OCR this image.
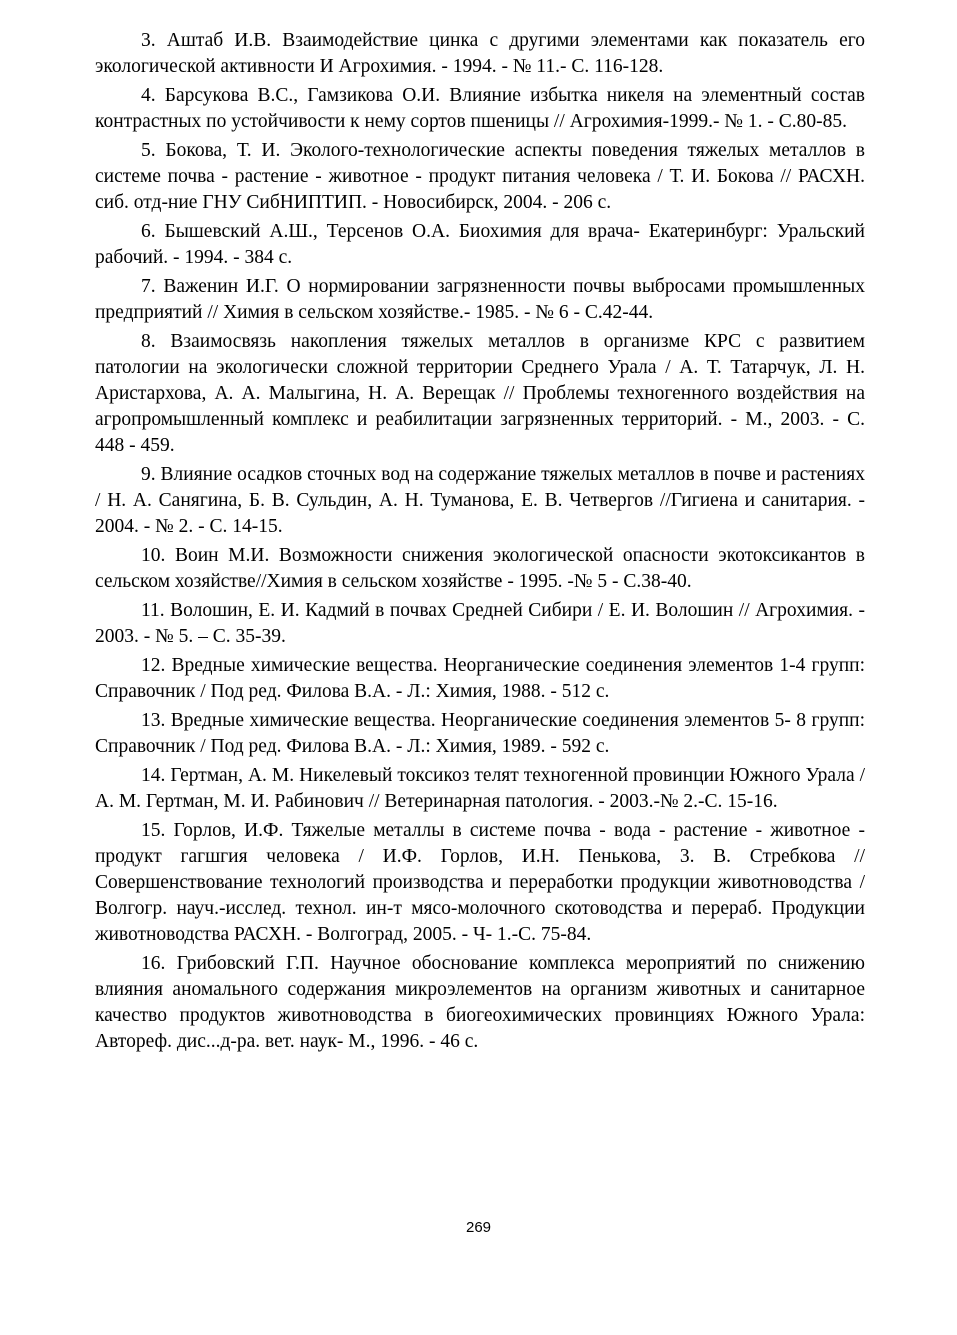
3. Аштаб И.В. Взаимодействие цинка с другими элементами как показатель его экологической активности И Агрохимия. - 1994. - № 11.- С. 116-128.

4. Барсукова В.С., Гамзикова О.И. Влияние избытка никеля на элементный состав контрастных по устойчивости к нему сортов пшеницы // Агрохимия-1999.- № 1. - С.80-85.

5. Бокова, Т. И. Эколого-технологические аспекты поведения тяжелых металлов в системе почва - растение - животное - продукт питания человека / Т. И. Бокова // РАСХН. сиб. отд-ние ГНУ СибНИПТИП. - Новосибирск, 2004. - 206 с.

6. Бышевский А.Ш., Терсенов О.А. Биохимия для врача- Екатеринбург: Уральский рабочий. - 1994. - 384 с.

7. Важенин И.Г. О нормировании загрязненности почвы выбросами промышленных предприятий // Химия в сельском хозяйстве.- 1985. - № 6 - С.42-44.

8. Взаимосвязь накопления тяжелых металлов в организме КРС с развитием патологии на экологически сложной территории Среднего Урала / А. Т. Татарчук, Л. Н. Аристархова, А. А. Малыгина, Н. А. Верещак // Проблемы техногенного воздействия на агропромышленный комплекс и реабилитации загрязненных территорий. - М., 2003. - С. 448 - 459.

9. Влияние осадков сточных вод на содержание тяжелых металлов в почве и растениях / Н. А. Санягина, Б. В. Сульдин, А. Н. Туманова, Е. В. Четвергов //Гигиена и санитария. - 2004. - № 2. - С. 14-15.

10. Воин М.И. Возможности снижения экологической опасности экотоксикантов в сельском хозяйстве//Химия в сельском хозяйстве - 1995. -№ 5 - С.38-40.

11. Волошин, Е. И. Кадмий в почвах Средней Сибири / Е. И. Волошин // Агрохимия. - 2003. - № 5. – С. 35-39.

12. Вредные химические вещества. Неорганические соединения элементов 1-4 групп: Справочник / Под ред. Филова В.А. - Л.: Химия, 1988. - 512 с.

13. Вредные химические вещества. Неорганические соединения элементов 5- 8 групп: Справочник / Под ред. Филова В.А. - Л.: Химия, 1989. - 592 с.

14. Гертман, А. М. Никелевый токсикоз телят техногенной провинции Южного Урала / А. М. Гертман, М. И. Рабинович // Ветеринарная патология. - 2003.-№ 2.-С. 15-16.

15. Горлов, И.Ф. Тяжелые металлы в системе почва - вода - растение - животное - продукт гагшгия человека / И.Ф. Горлов, И.Н. Пенькова, 3. В. Стребкова // Совершенствование технологий производства и переработки продукции животноводства / Волгогр. науч.-исслед. технол. ин-т мясо-молочного скотоводства и перераб. Продукции животноводства РАСХН. - Волгоград, 2005. - Ч- 1.-С. 75-84.

16. Грибовский Г.П. Научное обоснование комплекса мероприятий по снижению влияния аномального содержания микроэлементов на организм животных и санитарное качество продуктов животноводства в биогеохимических провинциях Южного Урала: Автореф. дис...д-ра. вет. наук- М., 1996. - 46 с.

269
